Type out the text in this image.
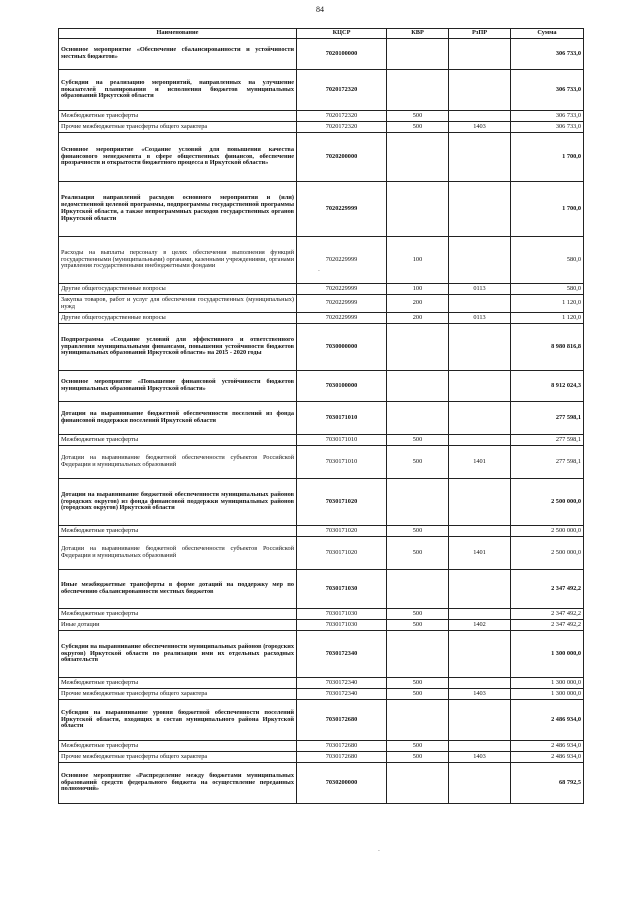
84
Наименование	КЦСР	КВР	РзПР	Сумма
Основное мероприятие «Обеспечение сбалансированности и устойчивости местных бюджетов»	7020100000			306 733,0
Субсидии на реализацию мероприятий, направленных на улучшение показателей планирования и исполнения бюджетов муниципальных образований Иркутской области	7020172320			306 733,0
Межбюджетные трансферты	7020172320	500		306 733,0
Прочие межбюджетные трансферты общего характера	7020172320	500	1403	306 733,0
Основное мероприятие «Создание условий для повышения качества финансового менеджмента в сфере общественных финансов, обеспечение прозрачности и открытости бюджетного процесса в Иркутской области»	7020200000			1 700,0
Реализация направлений расходов основного мероприятия и (или) ведомственной целевой программы, подпрограммы государственной программы Иркутской области, а также непрограммных расходов государственных органов Иркутской области	7020229999			1 700,0
Расходы на выплаты персоналу в целях обеспечения выполнения функций государственными (муниципальными) органами, казенными учреждениями, органами управления государственными внебюджетными фондами	7020229999	100		580,0
Другие общегосударственные вопросы	7020229999	100	0113	580,0
Закупка товаров, работ и услуг для обеспечения государственных (муниципальных) нужд	7020229999	200		1 120,0
Другие общегосударственные вопросы	7020229999	200	0113	1 120,0
Подпрограмма «Создание условий для эффективного и ответственного управления муниципальными финансами, повышения устойчивости бюджетов муниципальных образований Иркутской области» на 2015 - 2020 годы	7030000000			8 980 816,8
Основное мероприятие «Повышение финансовой устойчивости бюджетов муниципальных образований Иркутской области»	7030100000			8 912 024,3
Дотации на выравнивание бюджетной обеспеченности поселений из фонда финансовой поддержки поселений Иркутской области	7030171010			277 598,1
Межбюджетные трансферты	7030171010	500		277 598,1
Дотации на выравнивание бюджетной обеспеченности субъектов Российской Федерации и муниципальных образований	7030171010	500	1401	277 598,1
Дотации на выравнивание бюджетной обеспеченности муниципальных районов (городских округов) из фонда финансовой поддержки муниципальных районов (городских округов) Иркутской области	7030171020			2 500 000,0
Межбюджетные трансферты	7030171020	500		2 500 000,0
Дотации на выравнивание бюджетной обеспеченности субъектов Российской Федерации и муниципальных образований	7030171020	500	1401	2 500 000,0
Иные межбюджетные трансферты в форме дотаций на поддержку мер по обеспечению сбалансированности местных бюджетов	7030171030			2 347 492,2
Межбюджетные трансферты	7030171030	500		2 347 492,2
Иные дотации	7030171030	500	1402	2 347 492,2
Субсидии на выравнивание обеспеченности муниципальных районов (городских округов) Иркутской области по реализации ими их отдельных расходных обязательств	7030172340			1 300 000,0
Межбюджетные трансферты	7030172340	500		1 300 000,0
Прочие межбюджетные трансферты общего характера	7030172340	500	1403	1 300 000,0
Субсидии на выравнивание уровня бюджетной обеспеченности поселений Иркутской области, входящих в состав муниципального района Иркутской области	7030172680			2 486 934,0
Межбюджетные трансферты	7030172680	500		2 486 934,0
Прочие межбюджетные трансферты общего характера	7030172680	500	1403	2 486 934,0
Основное мероприятие «Распределение между бюджетами муниципальных образований средств федерального бюджета на осуществление переданных полномочий»	7030200000			68 792,5
·
·
